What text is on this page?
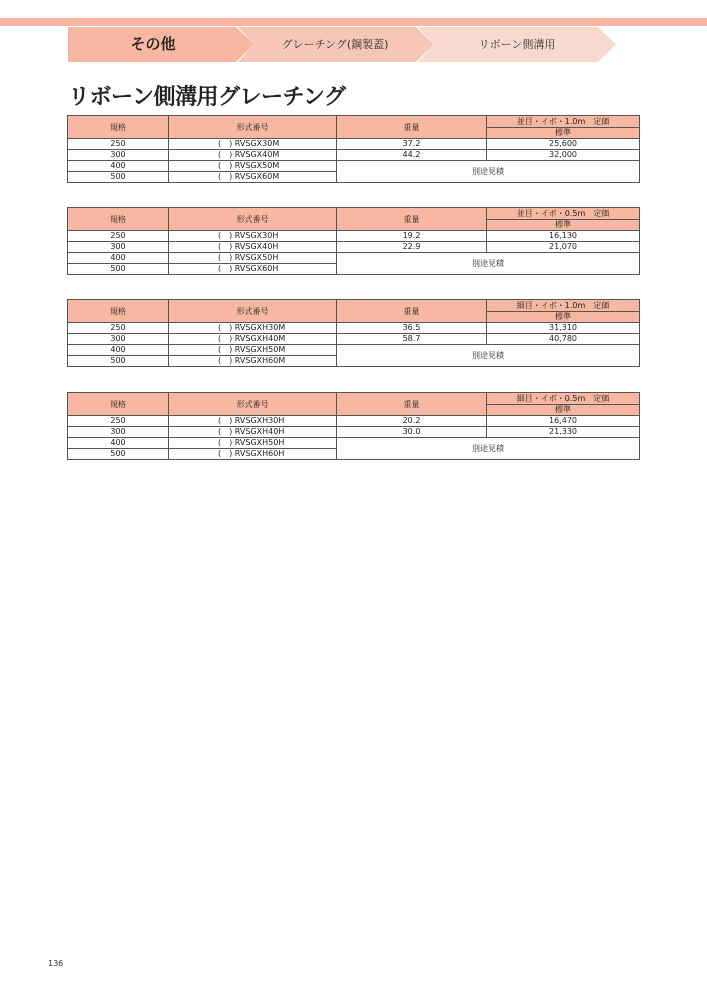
その他	グレーチング(鋼製蓋)	リボーン側溝用
リボーン側溝用グレーチング
規格	形式番号	重量	並目・イボ・1.0m　定価
			標準
250	(　) RVSGX30M	37.2	25,600
300	(　) RVSGX40M	44.2	32,000
400	(　) RVSGX50M	別途見積	
500	(　) RVSGX60M		
規格	形式番号	重量	並目・イボ・0.5m　定価
			標準
250	(　) RVSGX30H	19.2	16,130
300	(　) RVSGX40H	22.9	21,070
400	(　) RVSGX50H	別途見積	
500	(　) RVSGX60H		
規格	形式番号	重量	細目・イボ・1.0m　定価
			標準
250	(　) RVSGXH30M	36.5	31,310
300	(　) RVSGXH40M	58.7	40,780
400	(　) RVSGXH50M	別途見積	
500	(　) RVSGXH60M		
規格	形式番号	重量	細目・イボ・0.5m　定価
			標準
250	(　) RVSGXH30H	20.2	16,470
300	(　) RVSGXH40H	30.0	21,330
400	(　) RVSGXH50H	別途見積	
500	(　) RVSGXH60H		
136
